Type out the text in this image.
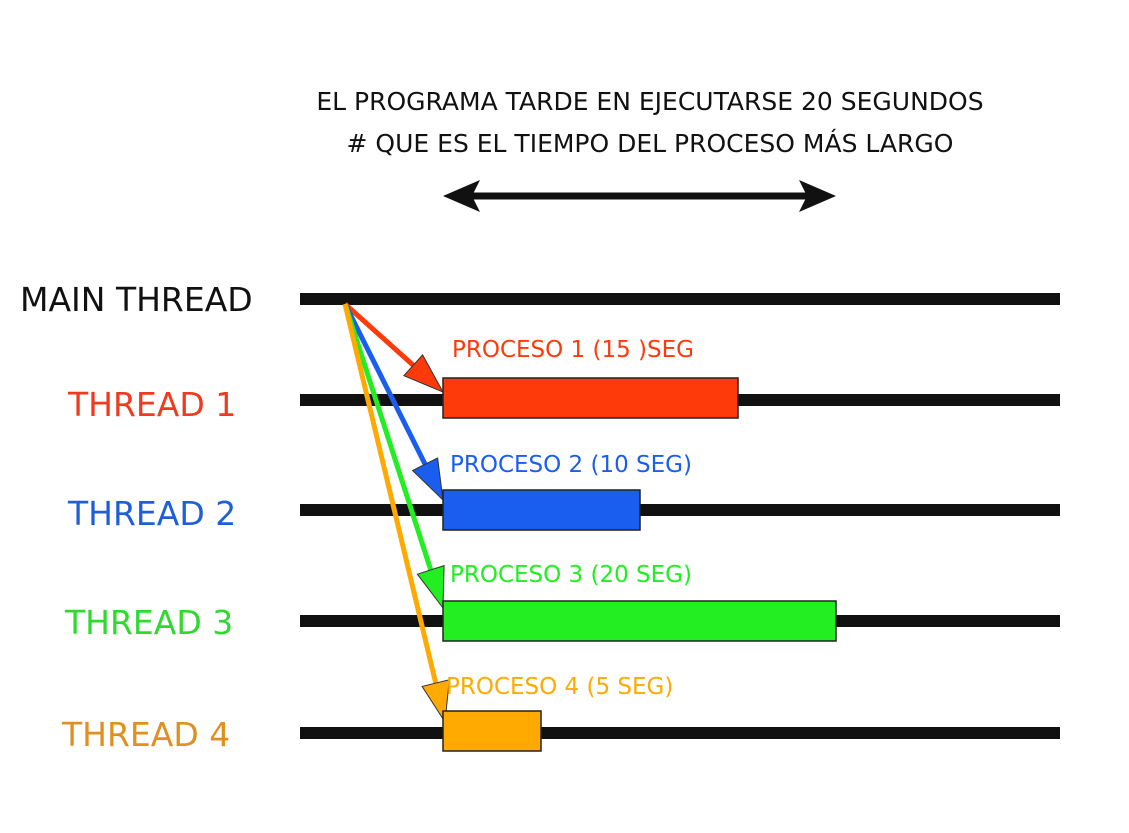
EL PROGRAMA TARDE EN EJECUTARSE 20 SEGUNDOS
# QUE ES EL TIEMPO DEL PROCESO MÁS LARGO
MAIN THREAD
THREAD 1
THREAD 2
THREAD 3
THREAD 4
PROCESO 1 (15 )SEG
PROCESO 2 (10 SEG)
PROCESO 3 (20 SEG)
PROCESO 4 (5 SEG)
